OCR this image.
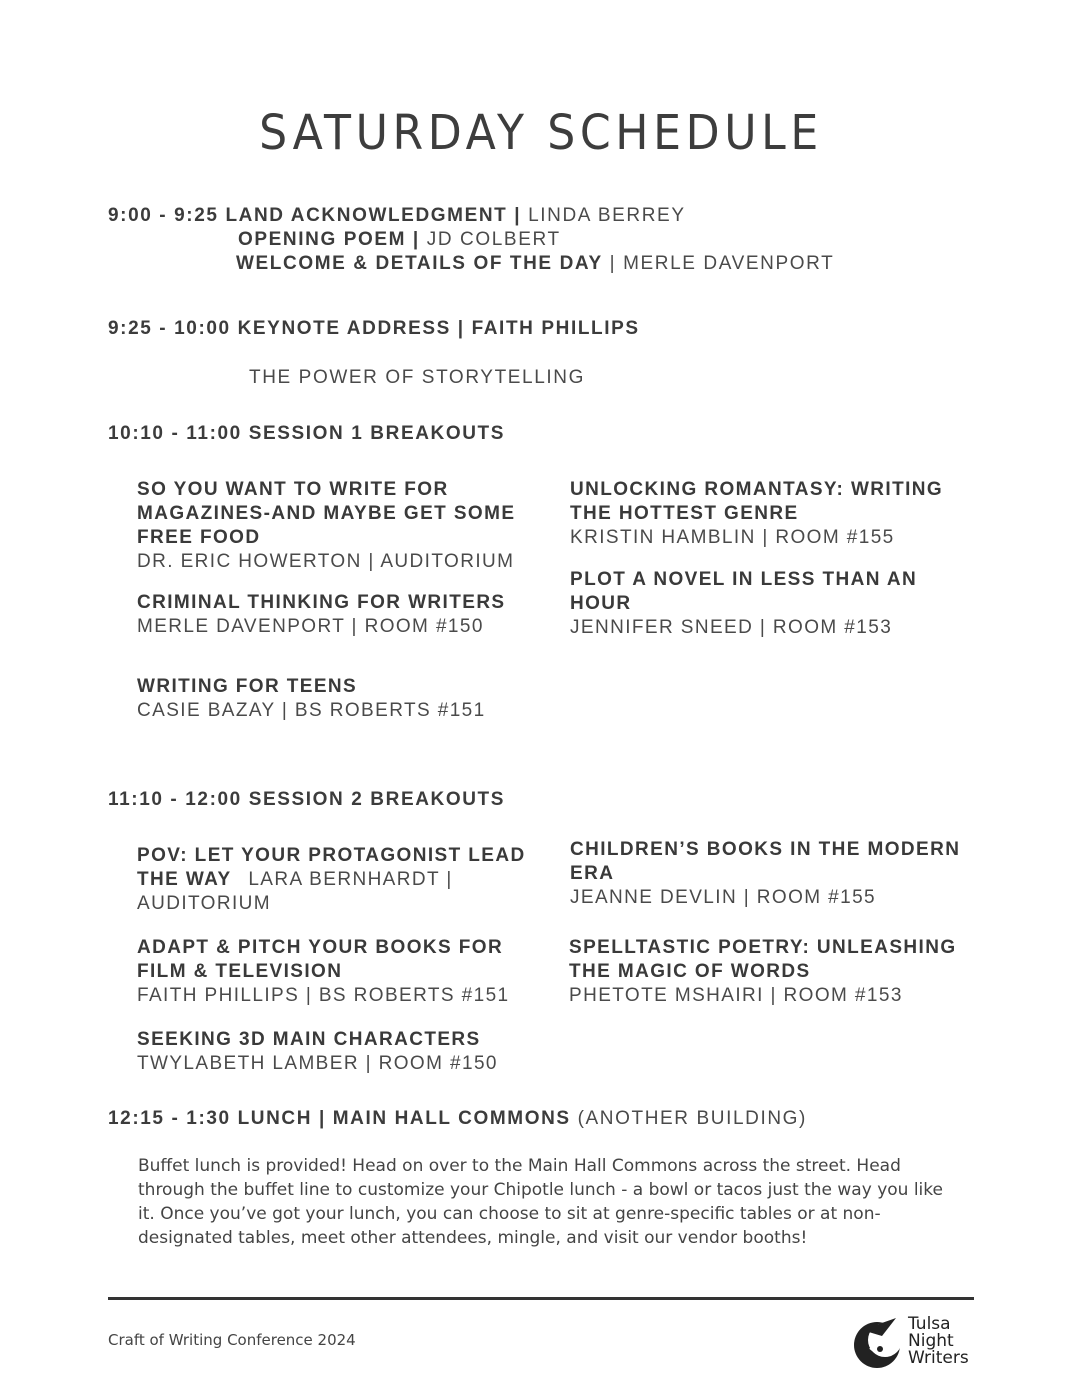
SATURDAY SCHEDULE
9:00 - 9:25 LAND ACKNOWLEDGMENT | LINDA BERREY
OPENING POEM | JD COLBERT
WELCOME & DETAILS OF THE DAY | MERLE DAVENPORT
9:25 - 10:00 KEYNOTE ADDRESS | FAITH PHILLIPS
THE POWER OF STORYTELLING
10:10 - 11:00 SESSION 1 BREAKOUTS
SO YOU WANT TO WRITE FOR MAGAZINES-AND MAYBE GET SOME FREE FOOD
DR. ERIC HOWERTON | AUDITORIUM
CRIMINAL THINKING FOR WRITERS
MERLE DAVENPORT | ROOM #150
WRITING FOR TEENS
CASIE BAZAY | BS ROBERTS #151
UNLOCKING ROMANTASY: WRITING THE HOTTEST GENRE
KRISTIN HAMBLIN | ROOM #155
PLOT A NOVEL IN LESS THAN AN HOUR
JENNIFER SNEED | ROOM #153
11:10 - 12:00 SESSION 2 BREAKOUTS
POV: LET YOUR PROTAGONIST LEAD THE WAY LARA BERNHARDT | AUDITORIUM
ADAPT & PITCH YOUR BOOKS FOR FILM & TELEVISION
FAITH PHILLIPS | BS ROBERTS #151
SEEKING 3D MAIN CHARACTERS
TWYLABETH LAMBER | ROOM #150
CHILDREN’S BOOKS IN THE MODERN ERA
JEANNE DEVLIN | ROOM #155
SPELLTASTIC POETRY: UNLEASHING THE MAGIC OF WORDS
PHETOTE MSHAIRI | ROOM #153
12:15 - 1:30 LUNCH | MAIN HALL COMMONS (ANOTHER BUILDING)
Buffet lunch is provided! Head on over to the Main Hall Commons across the street. Head through the buffet line to customize your Chipotle lunch - a bowl or tacos just the way you like it. Once you’ve got your lunch, you can choose to sit at genre-specific tables or at non-designated tables, meet other attendees, mingle, and visit our vendor booths!
Craft of Writing Conference 2024
Tulsa
Night
Writers
